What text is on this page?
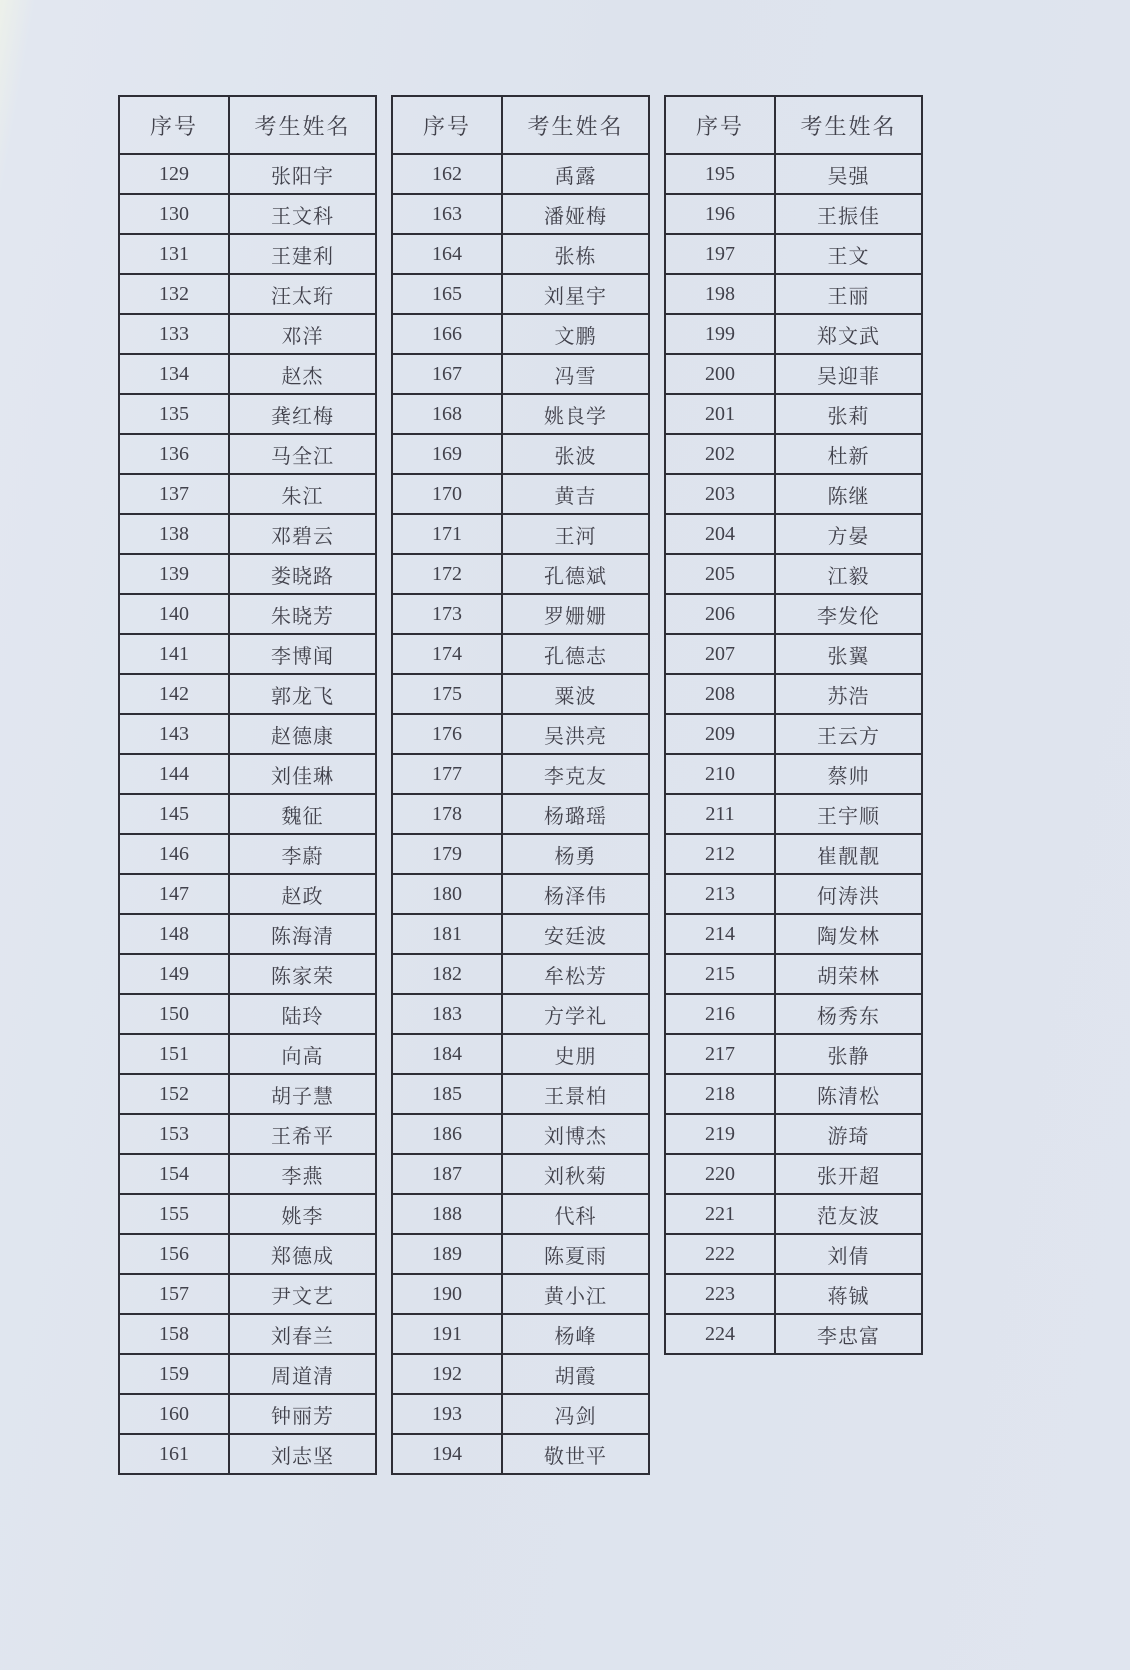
序号	考生姓名
129	张阳宇
130	王文科
131	王建利
132	汪太珩
133	邓洋
134	赵杰
135	龚红梅
136	马全江
137	朱江
138	邓碧云
139	娄晓路
140	朱晓芳
141	李博闻
142	郭龙飞
143	赵德康
144	刘佳琳
145	魏征
146	李蔚
147	赵政
148	陈海清
149	陈家荣
150	陆玲
151	向高
152	胡子慧
153	王希平
154	李燕
155	姚李
156	郑德成
157	尹文艺
158	刘春兰
159	周道清
160	钟丽芳
161	刘志坚
序号	考生姓名
162	禹露
163	潘娅梅
164	张栋
165	刘星宇
166	文鹏
167	冯雪
168	姚良学
169	张波
170	黄吉
171	王河
172	孔德斌
173	罗姗姗
174	孔德志
175	粟波
176	吴洪亮
177	李克友
178	杨璐瑶
179	杨勇
180	杨泽伟
181	安廷波
182	牟松芳
183	方学礼
184	史朋
185	王景柏
186	刘博杰
187	刘秋菊
188	代科
189	陈夏雨
190	黄小江
191	杨峰
192	胡霞
193	冯剑
194	敬世平
序号	考生姓名
195	吴强
196	王振佳
197	王文
198	王丽
199	郑文武
200	吴迎菲
201	张莉
202	杜新
203	陈继
204	方晏
205	江毅
206	李发伦
207	张翼
208	苏浩
209	王云方
210	蔡帅
211	王宇顺
212	崔靓靓
213	何涛洪
214	陶发林
215	胡荣林
216	杨秀东
217	张静
218	陈清松
219	游琦
220	张开超
221	范友波
222	刘倩
223	蒋铖
224	李忠富
